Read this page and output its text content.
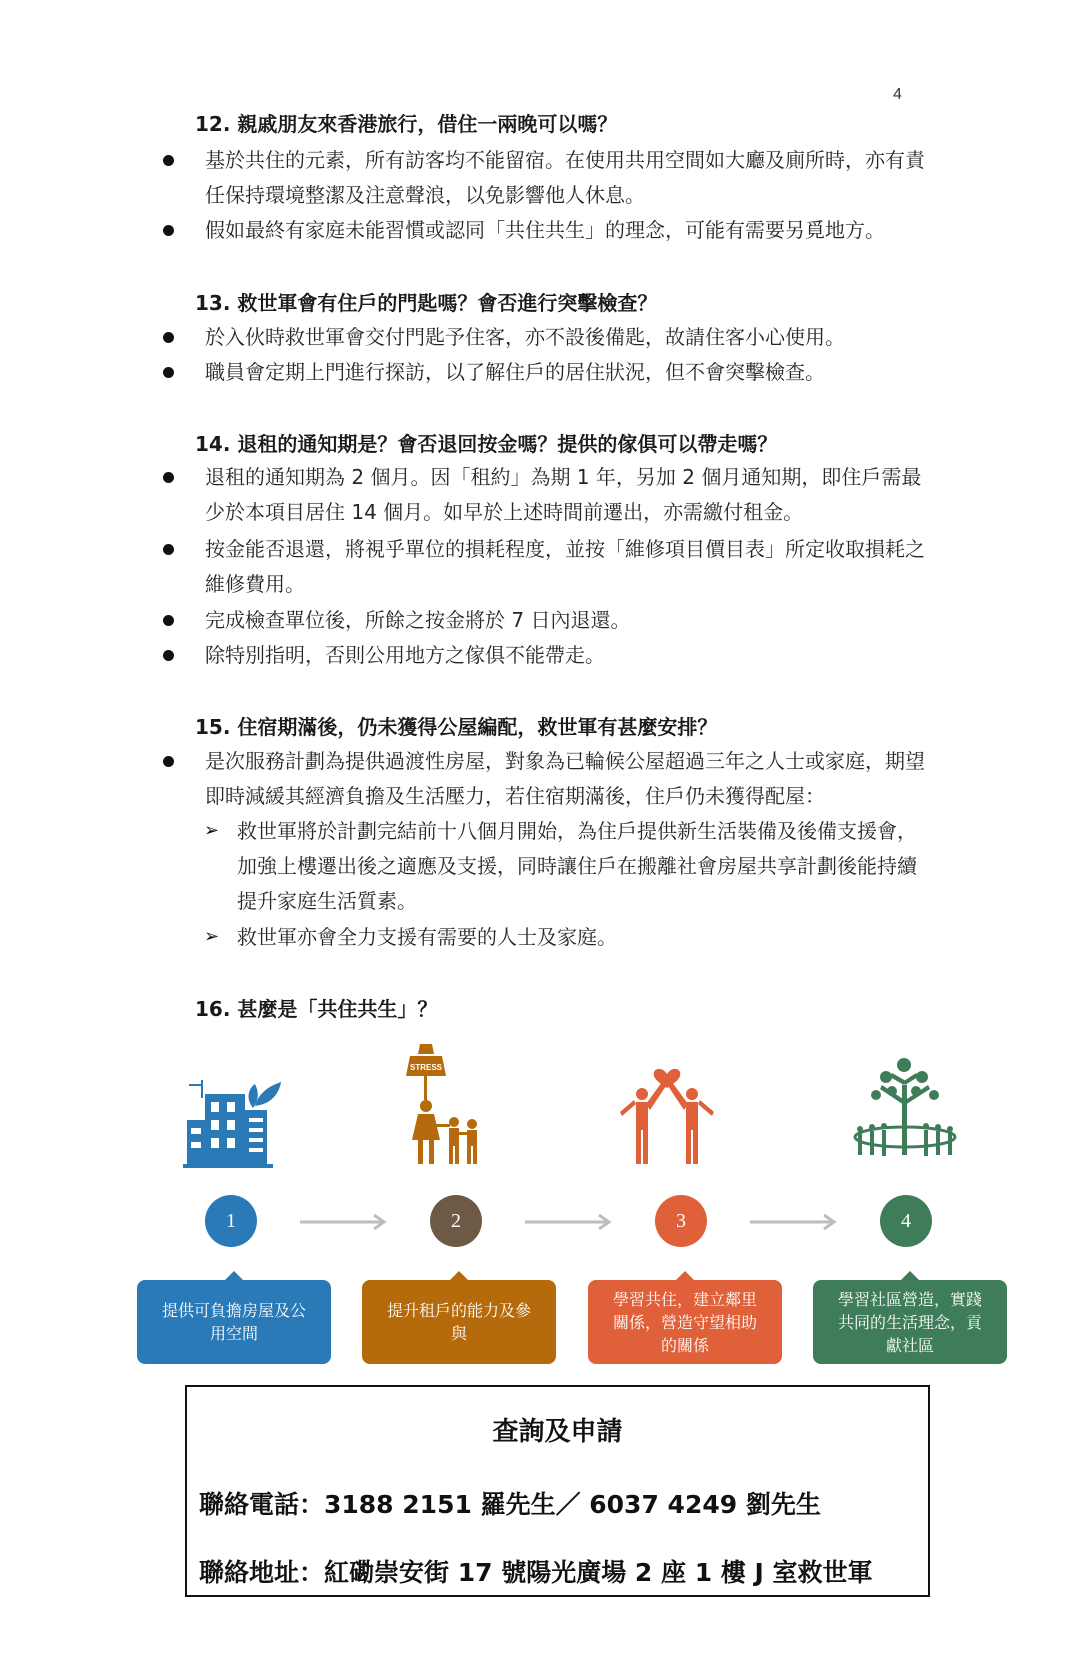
4
12. 親戚朋友來香港旅行，借住一兩晚可以嗎？
基於共住的元素，所有訪客均不能留宿。在使用共用空間如大廳及廁所時，亦有責任保持環境整潔及注意聲浪，以免影響他人休息。
假如最終有家庭未能習慣或認同「共住共生」的理念，可能有需要另覓地方。
13. 救世軍會有住戶的門匙嗎？會否進行突擊檢查？
於入伙時救世軍會交付門匙予住客，亦不設後備匙，故請住客小心使用。
職員會定期上門進行探訪，以了解住戶的居住狀況，但不會突擊檢查。
14. 退租的通知期是？會否退回按金嗎？提供的傢俱可以帶走嗎？
退租的通知期為 2 個月。因「租約」為期 1 年，另加 2 個月通知期，即住戶需最少於本項目居住 14 個月。如早於上述時間前遷出，亦需繳付租金。
按金能否退還，將視乎單位的損耗程度，並按「維修項目價目表」所定收取損耗之維修費用。
完成檢查單位後，所餘之按金將於 7 日內退還。
除特別指明，否則公用地方之傢俱不能帶走。
15. 住宿期滿後，仍未獲得公屋編配，救世軍有甚麼安排？
是次服務計劃為提供過渡性房屋，對象為已輪候公屋超過三年之人士或家庭，期望即時減緩其經濟負擔及生活壓力，若住宿期滿後，住戶仍未獲得配屋：
➢ 救世軍將於計劃完結前十八個月開始，為住戶提供新生活裝備及後備支援會，加強上樓遷出後之適應及支援，同時讓住戶在搬離社會房屋共享計劃後能持續提升家庭生活質素。
➢ 救世軍亦會全力支援有需要的人士及家庭。
16. 甚麼是「共住共生」？
STRESS
1	2	3	4
提供可負擔房屋及公用空間
提升租戶的能力及參與
學習共住，建立鄰里關係，營造守望相助的關係
學習社區營造，實踐共同的生活理念，貢獻社區
查詢及申請
聯絡電話：3188 2151 羅先生／ 6037 4249 劉先生
聯絡地址：紅磡崇安街 17 號陽光廣場 2 座 1 樓 J 室救世軍
